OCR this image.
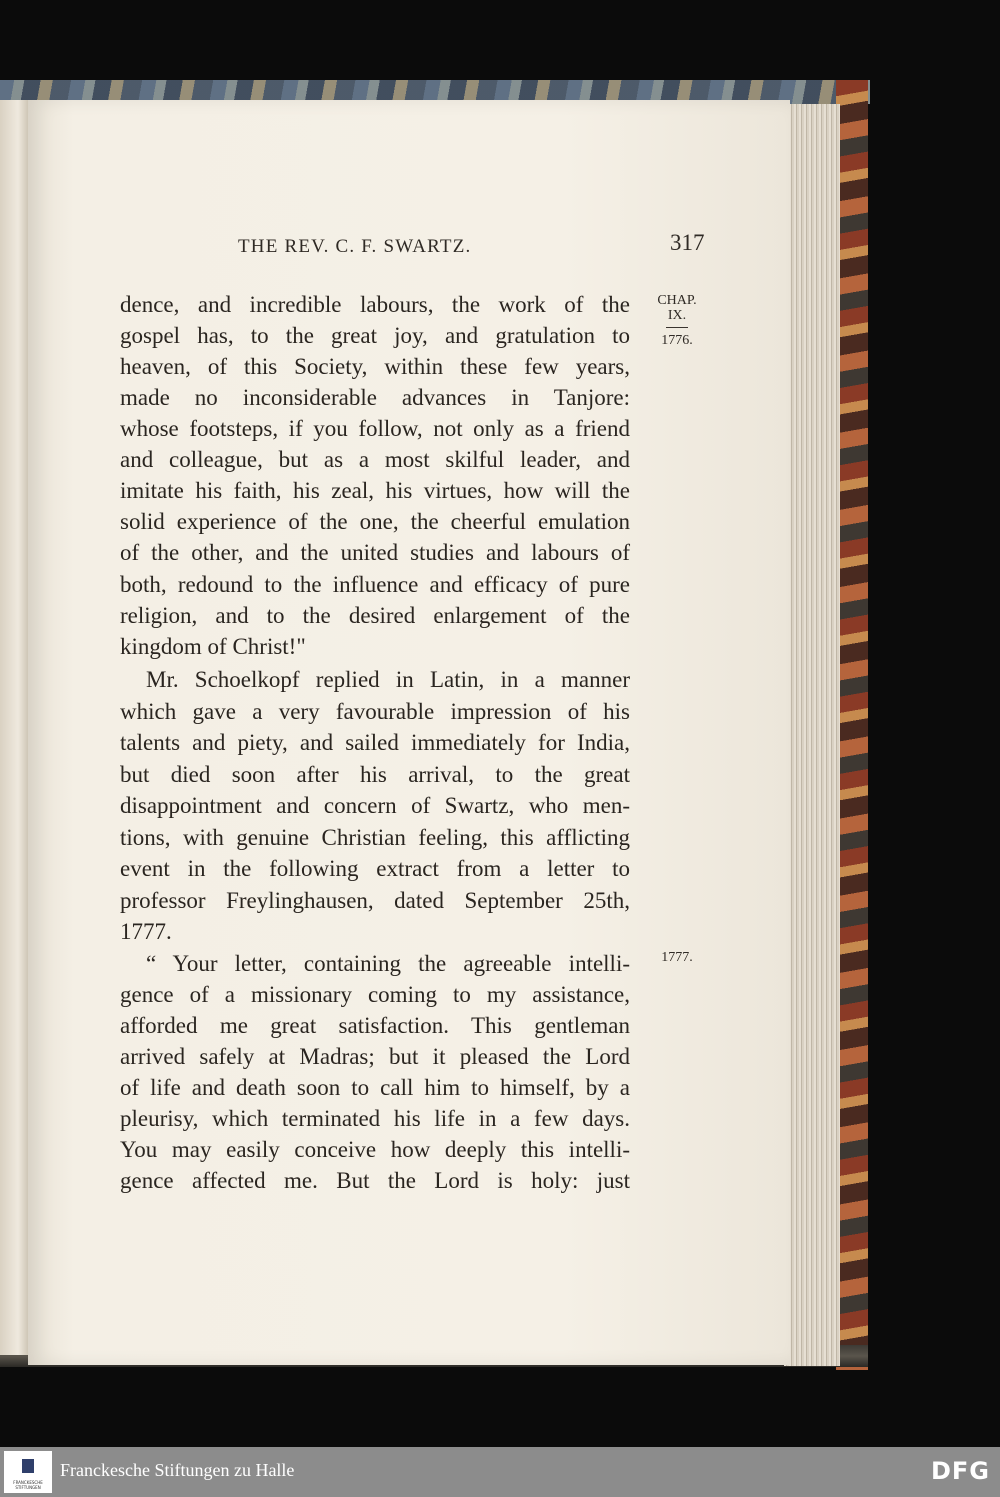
THE REV. C. F. SWARTZ.	317
CHAP.
IX.
1776.
1777.
dence, and incredible labours, the work of the
gospel has, to the great joy, and gratulation to
heaven, of this Society, within these few years,
made no inconsiderable advances in Tanjore:
whose footsteps, if you follow, not only as a friend
and colleague, but as a most skilful leader, and
imitate his faith, his zeal, his virtues, how will the
solid experience of the one, the cheerful emulation
of the other, and the united studies and labours of
both, redound to the influence and efficacy of pure
religion, and to the desired enlargement of the
kingdom of Christ!"
Mr. Schoelkopf replied in Latin, in a manner
which gave a very favourable impression of his
talents and piety, and sailed immediately for India,
but died soon after his arrival, to the great
disappointment and concern of Swartz, who men-
tions, with genuine Christian feeling, this afflicting
event in the following extract from a letter to
professor Freylinghausen, dated September 25th,
1777.
“ Your letter, containing the agreeable intelli-
gence of a missionary coming to my assistance,
afforded me great satisfaction. This gentleman
arrived safely at Madras; but it pleased the Lord
of life and death soon to call him to himself, by a
pleurisy, which terminated his life in a few days.
You may easily conceive how deeply this intelli-
gence affected me. But the Lord is holy: just
FRANCKESCHE STIFTUNGEN
Franckesche Stiftungen zu Halle	DFG
